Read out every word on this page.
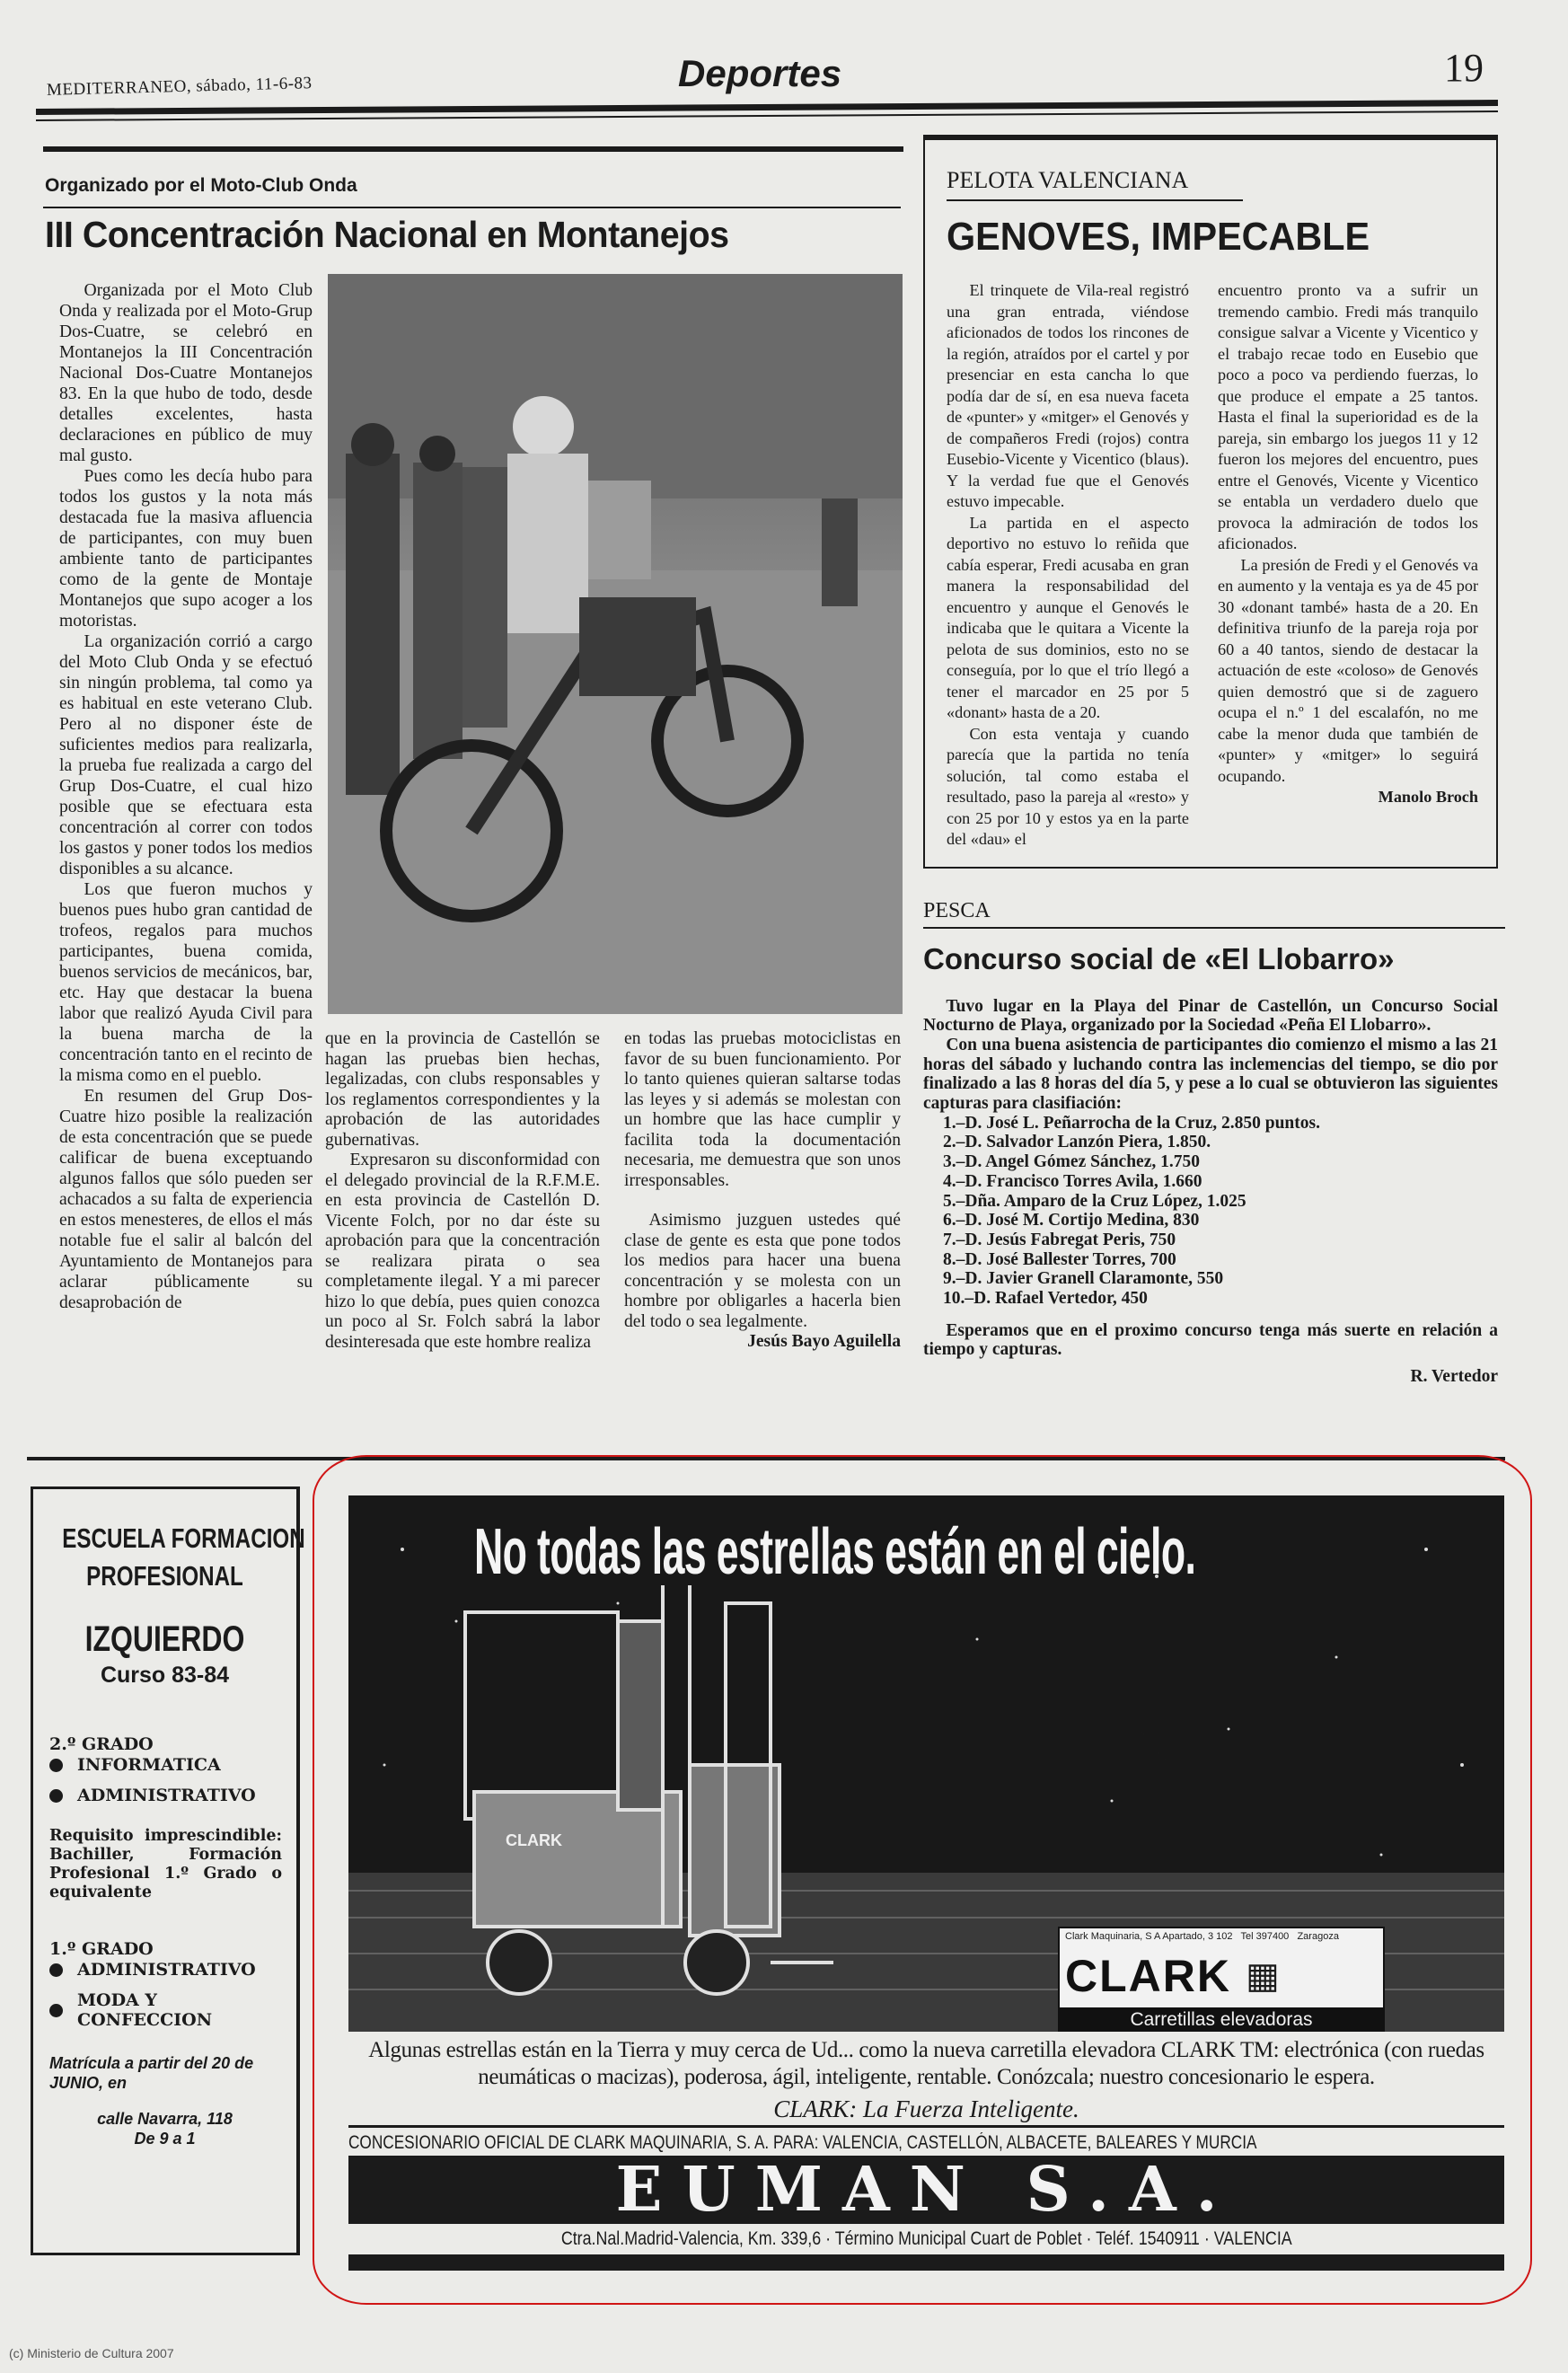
MEDITERRANEO, sábado, 11-6-83	Deportes	19
Organizado por el Moto-Club Onda
III Concentración Nacional en Montanejos

Organizada por el Moto Club Onda y realizada por el Moto-Grup Dos-Cuatre, se celebró en Montanejos la III Concentración Nacional Dos-Cuatre Montanejos 83. En la que hubo de todo, desde detalles excelentes, hasta declaraciones en público de muy mal gusto.

Pues como les decía hubo para todos los gustos y la nota más destacada fue la masiva afluencia de participantes, con muy buen ambiente tanto de participantes como de la gente de Montaje Montanejos que supo acoger a los motoristas.

La organización corrió a cargo del Moto Club Onda y se efectuó sin ningún problema, tal como ya es habitual en este veterano Club. Pero al no disponer éste de suficientes medios para realizarla, la prueba fue realizada a cargo del Grup Dos-Cuatre, el cual hizo posible que se efectuara esta concentración al correr con todos los gastos y poner todos los medios disponibles a su alcance.

Los que fueron muchos y buenos pues hubo gran cantidad de trofeos, regalos para muchos participantes, buena comida, buenos servicios de mecánicos, bar, etc. Hay que destacar la buena labor que realizó Ayuda Civil para la buena marcha de la concentración tanto en el recinto de la misma como en el pueblo.

En resumen del Grup Dos-Cuatre hizo posible la realización de esta concentración que se puede calificar de buena exceptuando algunos fallos que sólo pueden ser achacados a su falta de experiencia en estos menesteres, de ellos el más notable fue el salir al balcón del Ayuntamiento de Montanejos para aclarar públicamente su desaprobación de

que en la provincia de Castellón se hagan las pruebas bien hechas, legalizadas, con clubs responsables y los reglamentos correspondientes y la aprobación de las autoridades gubernativas.

Expresaron su disconformidad con el delegado provincial de la R.F.M.E. en esta provincia de Castellón D. Vicente Folch, por no dar éste su aprobación para que la concentración se realizara pirata o sea completamente ilegal. Y a mi parecer hizo lo que debía, pues quien conozca un poco al Sr. Folch sabrá la labor desinteresada que este hombre realiza

en todas las pruebas motociclistas en favor de su buen funcionamiento. Por lo tanto quienes quieran saltarse todas las leyes y si además se molestan con un hombre que las hace cumplir y facilita toda la documentación necesaria, me demuestra que son unos irresponsables.

Asimismo juzguen ustedes qué clase de gente es esta que pone todos los medios para hacer una buena concentración y se molesta con un hombre por obligarles a hacerla bien del todo o sea legalmente.

Jesús Bayo Aguilella

PELOTA VALENCIANA
GENOVES, IMPECABLE

El trinquete de Vila-real registró una gran entrada, viéndose aficionados de todos los rincones de la región, atraídos por el cartel y por presenciar en esta cancha lo que podía dar de sí, en esa nueva faceta de «punter» y «mitger» el Genovés y de compañeros Fredi (rojos) contra Eusebio-Vicente y Vicentico (blaus). Y la verdad fue que el Genovés estuvo impecable.

La partida en el aspecto deportivo no estuvo lo reñida que cabía esperar, Fredi acusaba en gran manera la responsabilidad del encuentro y aunque el Genovés le indicaba que le quitara a Vicente la pelota de sus dominios, esto no se conseguía, por lo que el trío llegó a tener el marcador en 25 por 5 «donant» hasta de a 20.

Con esta ventaja y cuando parecía que la partida no tenía solución, tal como estaba el resultado, paso la pareja al «resto» y con 25 por 10 y estos ya en la parte del «dau» el

encuentro pronto va a sufrir un tremendo cambio. Fredi más tranquilo consigue salvar a Vicente y Vicentico y el trabajo recae todo en Eusebio que poco a poco va perdiendo fuerzas, lo que produce el empate a 25 tantos. Hasta el final la superioridad es de la pareja, sin embargo los juegos 11 y 12 fueron los mejores del encuentro, pues entre el Genovés, Vicente y Vicentico se entabla un verdadero duelo que provoca la admiración de todos los aficionados.

La presión de Fredi y el Genovés va en aumento y la ventaja es ya de 45 por 30 «donant també» hasta de a 20. En definitiva triunfo de la pareja roja por 60 a 40 tantos, siendo de destacar la actuación de este «coloso» de Genovés quien demostró que si de zaguero ocupa el n.º 1 del escalafón, no me cabe la menor duda que también de «punter» y «mitger» lo seguirá ocupando.

Manolo Broch

PESCA
Concurso social de «El Llobarro»

Tuvo lugar en la Playa del Pinar de Castellón, un Concurso Social Nocturno de Playa, organizado por la Sociedad «Peña El Llobarro».

Con una buena asistencia de participantes dio comienzo el mismo a las 21 horas del sábado y luchando contra las inclemencias del tiempo, se dio por finalizado a las 8 horas del día 5, y pese a lo cual se obtuvieron las siguientes capturas para clasifiación:

1.–D. José L. Peñarrocha de la Cruz, 2.850 puntos.
2.–D. Salvador Lanzón Piera, 1.850.
3.–D. Angel Gómez Sánchez, 1.750
4.–D. Francisco Torres Avila, 1.660
5.–Dña. Amparo de la Cruz López, 1.025
6.–D. José M. Cortijo Medina, 830
7.–D. Jesús Fabregat Peris, 750
8.–D. José Ballester Torres, 700
9.–D. Javier Granell Claramonte, 550
10.–D. Rafael Vertedor, 450

Esperamos que en el proximo concurso tenga más suerte en relación a tiempo y capturas.

R. Vertedor

ESCUELA FORMACION
PROFESIONAL
IZQUIERDO
Curso 83-84
2.º GRADO
INFORMATICA
ADMINISTRATIVO
Requisito imprescindible: Bachiller, Formación Profesional 1.º Grado o equivalente
1.º GRADO
ADMINISTRATIVO
MODA Y CONFECCION
Matrícula a partir del 20 de JUNIO, en
calle Navarra, 118
De 9 a 1
CLARK
No todas las estrellas están en el cielo.
Clark Maquinaria, S A Apartado, 3 102   Tel 397400   Zaragoza
CLARK ▦
Carretillas elevadoras
Algunas estrellas están en la Tierra y muy cerca de Ud... como la nueva carretilla elevadora CLARK TM: electrónica (con ruedas neumáticas o macizas), poderosa, ágil, inteligente, rentable. Conózcala; nuestro concesionario le espera.
CLARK: La Fuerza Inteligente.
CONCESIONARIO OFICIAL DE CLARK MAQUINARIA, S. A. PARA: VALENCIA, CASTELLÓN, ALBACETE, BALEARES Y MURCIA
EUMAN S.A.
Ctra.Nal.Madrid-Valencia, Km. 339,6 · Término Municipal Cuart de Poblet · Teléf. 1540911 · VALENCIA
(c) Ministerio de Cultura 2007
